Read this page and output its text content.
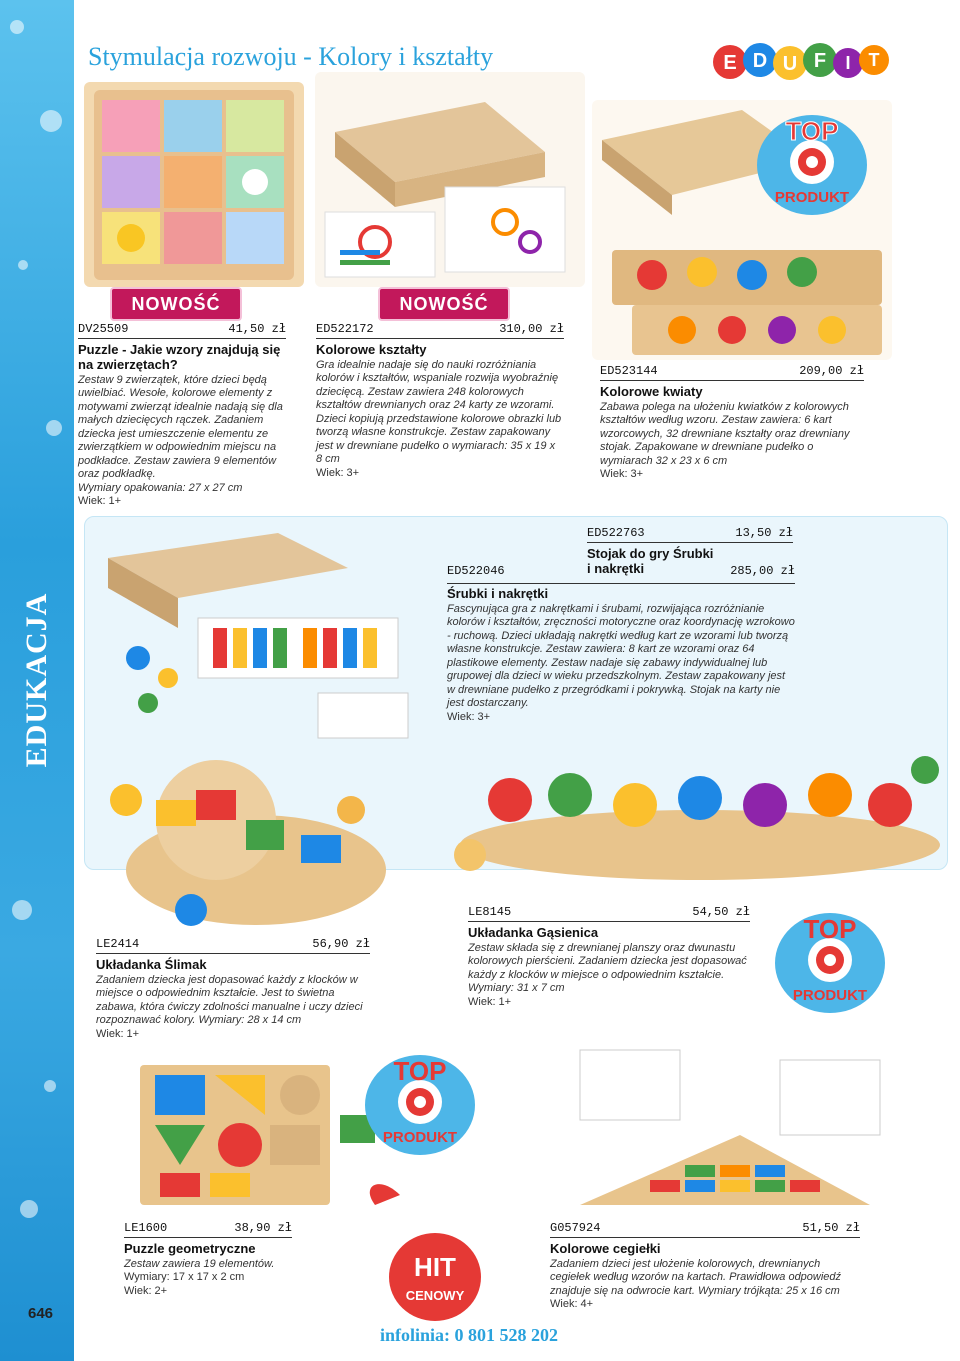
EDUKACJA
646
Stymulacja rozwoju - Kolory i kształty	E D U F I T
NOWOŚĆ	NOWOŚĆ
TOP
PRODUKT
DV25509	41,50 zł
Puzzle - Jakie wzory znajdują się na zwierzętach?
Zestaw 9 zwierzątek, które dzieci będą uwielbiać. Wesołe, kolorowe elementy z motywami zwierząt idealnie nadają się dla małych dziecięcych rączek. Zadaniem dziecka jest umieszczenie elementu ze zwierzątkiem w odpowiednim miejscu na podkładce. Zestaw zawiera 9 elementów oraz podkładkę.
Wymiary opakowania: 27 x 27 cm
Wiek: 1+
ED522172	310,00 zł
Kolorowe kształty
Gra idealnie nadaje się do nauki rozróżniania kolorów i kształtów, wspaniale rozwija wyobraźnię dziecięcą. Zestaw zawiera 248 kolorowych kształtów drewnianych oraz 24 karty ze wzorami. Dzieci kopiują przedstawione kolorowe obrazki lub tworzą własne konstrukcje. Zestaw zapakowany jest w drewniane pudełko o wymiarach: 35 x 19 x 8 cm
Wiek: 3+
ED523144	209,00 zł
Kolorowe kwiaty
Zabawa polega na ułożeniu kwiatków z kolorowych kształtów według wzoru. Zestaw zawiera: 6 kart wzorcowych, 32 drewniane kształty oraz drewniany stojak. Zapakowane w drewniane pudełko o wymiarach 32 x 23 x 6 cm
Wiek: 3+
ED522763	13,50 zł
Stojak do gry Śrubki i nakrętki
ED522046	285,00 zł
Śrubki i nakrętki
Fascynująca gra z nakrętkami i śrubami, rozwijająca rozróżnianie kolorów i kształtów, zręczności motoryczne oraz koordynację wzrokowo - ruchową. Dzieci układają nakrętki według kart ze wzorami lub tworzą własne konstrukcje. Zestaw zawiera: 8 kart ze wzorami oraz 64 plastikowe elementy. Zestaw nadaje się zabawy indywidualnej lub grupowej dla dzieci w wieku przedszkolnym. Zestaw zapakowany jest w drewniane pudełko z przegródkami i pokrywką. Stojak na karty nie jest dostarczany.
Wiek: 3+
LE8145	54,50 zł
Układanka Gąsienica
Zestaw składa się z drewnianej planszy oraz dwunastu kolorowych pierścieni. Zadaniem dziecka jest dopasować każdy z klocków w miejsce o odpowiednim kształcie. Wymiary: 31 x 7 cm
Wiek: 1+
TOP
PRODUKT
LE2414	56,90 zł
Układanka Ślimak
Zadaniem dziecka jest dopasować każdy z klocków w miejsce o odpowiednim kształcie. Jest to świetna zabawa, która ćwiczy zdolności manualne i uczy dzieci rozpoznawać kolory. Wymiary: 28 x 14 cm
Wiek: 1+
TOP
PRODUKT
LE1600	38,90 zł
Puzzle geometryczne
Zestaw zawiera 19 elementów.
Wymiary: 17 x 17 x 2 cm
Wiek: 2+
HIT
CENOWY
G057924	51,50 zł
Kolorowe cegiełki
Zadaniem dzieci jest ułożenie kolorowych, drewnianych cegiełek według wzorów na kartach. Prawidłowa odpowiedź znajduje się na odwrocie kart. Wymiary trójkąta: 25 x 16 cm
Wiek: 4+
infolinia: 0 801 528 202
